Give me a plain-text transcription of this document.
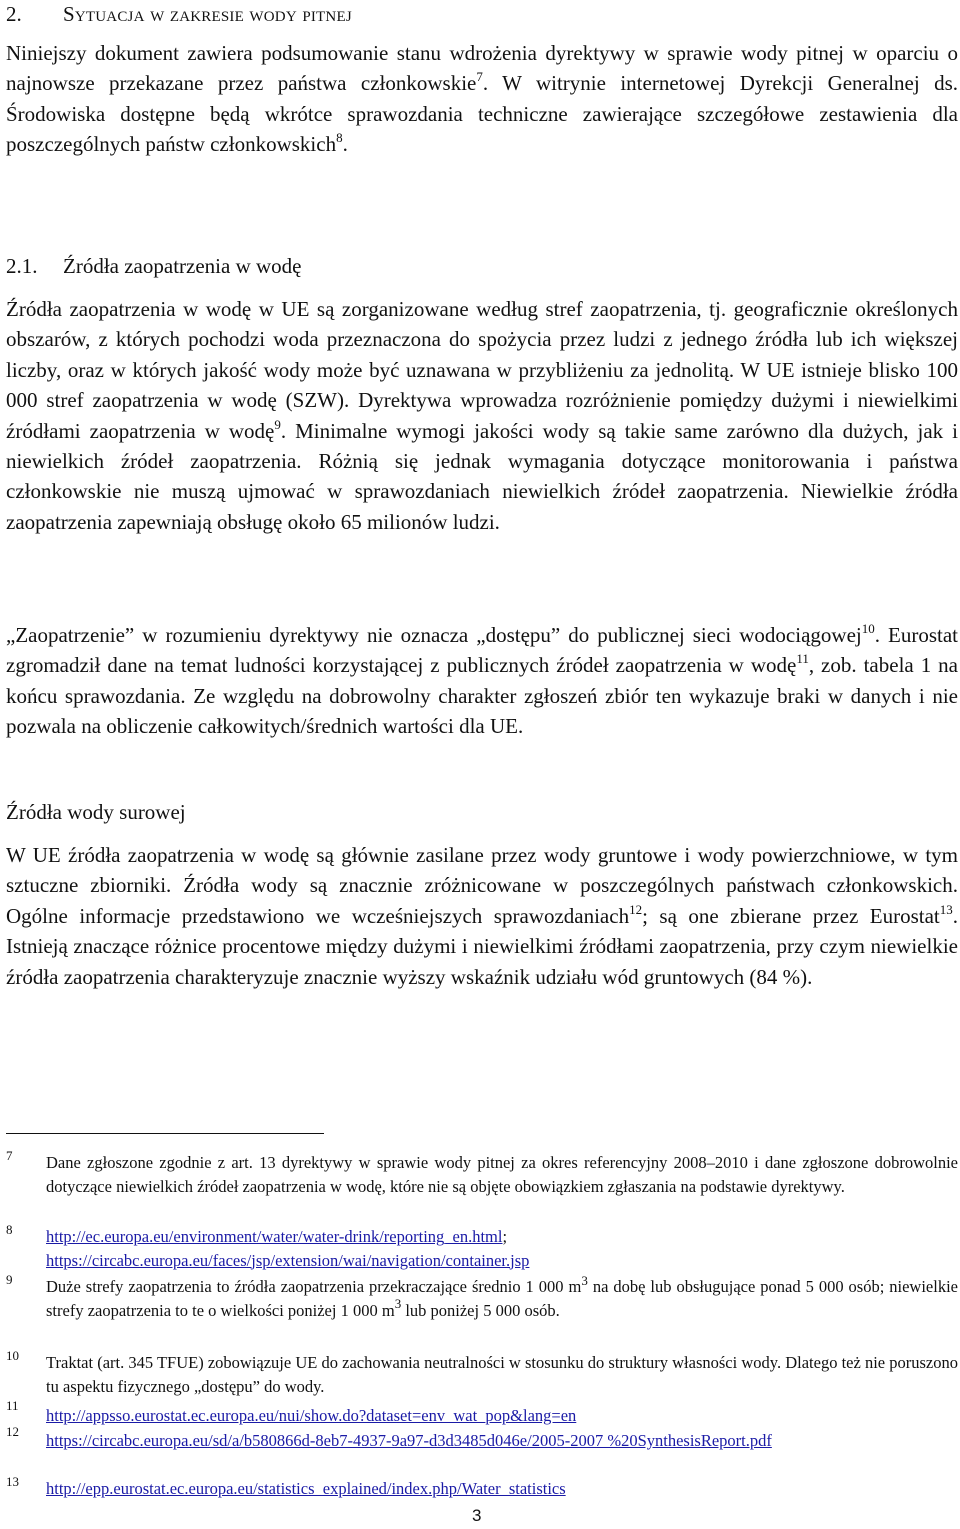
2. Sytuacja w zakresie wody pitnej

Niniejszy dokument zawiera podsumowanie stanu wdrożenia dyrektywy w sprawie wody pitnej w oparciu o najnowsze przekazane przez państwa członkowskie$^7$. W witrynie internetowej Dyrekcji Generalnej ds. Środowiska dostępne będą wkrótce sprawozdania techniczne zawierające szczegółowe zestawienia dla poszczególnych państw członkowskich$^8$.

2.1. Źródła zaopatrzenia w wodę

Źródła zaopatrzenia w wodę w UE są zorganizowane według stref zaopatrzenia, tj. geograficznie określonych obszarów, z których pochodzi woda przeznaczona do spożycia przez ludzi z jednego źródła lub ich większej liczby, oraz w których jakość wody może być uznawana w przybliżeniu za jednolitą. W UE istnieje blisko 100 000 stref zaopatrzenia w wodę (SZW). Dyrektywa wprowadza rozróżnienie pomiędzy dużymi i niewielkimi źródłami zaopatrzenia w wodę$^9$. Minimalne wymogi jakości wody są takie same zarówno dla dużych, jak i niewielkich źródeł zaopatrzenia. Różnią się jednak wymagania dotyczące monitorowania i państwa członkowskie nie muszą ujmować w sprawozdaniach niewielkich źródeł zaopatrzenia. Niewielkie źródła zaopatrzenia zapewniają obsługę około 65 milionów ludzi.

„Zaopatrzenie” w rozumieniu dyrektywy nie oznacza „dostępu” do publicznej sieci wodociągowej$^{10}$. Eurostat zgromadził dane na temat ludności korzystającej z publicznych źródeł zaopatrzenia w wodę$^{11}$, zob. tabela 1 na końcu sprawozdania. Ze względu na dobrowolny charakter zgłoszeń zbiór ten wykazuje braki w danych i nie pozwala na obliczenie całkowitych/średnich wartości dla UE.

Źródła wody surowej

W UE źródła zaopatrzenia w wodę są głównie zasilane przez wody gruntowe i wody powierzchniowe, w tym sztuczne zbiorniki. Źródła wody są znacznie zróżnicowane w poszczególnych państwach członkowskich. Ogólne informacje przedstawiono we wcześniejszych sprawozdaniach$^{12}$; są one zbierane przez Eurostat$^{13}$. Istnieją znaczące różnice procentowe między dużymi i niewielkimi źródłami zaopatrzenia, przy czym niewielkie źródła zaopatrzenia charakteryzuje znacznie wyższy wskaźnik udziału wód gruntowych (84 %).

7 Dane zgłoszone zgodnie z art. 13 dyrektywy w sprawie wody pitnej za okres referencyjny 2008–2010 i dane zgłoszone dobrowolnie dotyczące niewielkich źródeł zaopatrzenia w wodę, które nie są objęte obowiązkiem zgłaszania na podstawie dyrektywy.
8 http://ec.europa.eu/environment/water/water-drink/reporting_en.html;
https://circabc.europa.eu/faces/jsp/extension/wai/navigation/container.jsp
9 Duże strefy zaopatrzenia to źródła zaopatrzenia przekraczające średnio 1 000 $m^3$ na dobę lub obsługujące ponad 5 000 osób; niewielkie strefy zaopatrzenia to te o wielkości poniżej 1 000 $m^3$ lub poniżej 5 000 osób.
10 Traktat (art. 345 TFUE) zobowiązuje UE do zachowania neutralności w stosunku do struktury własności wody. Dlatego też nie poruszono tu aspektu fizycznego „dostępu” do wody.
11
http://appsso.eurostat.ec.europa.eu/nui/show.do?dataset=env_wat_pop&lang=en
12 https://circabc.europa.eu/sd/a/b580866d-8eb7-4937-9a97-d3d3485d046e/2005-2007 %20SynthesisReport.pdf
13 http://epp.eurostat.ec.europa.eu/statistics_explained/index.php/Water_statistics
3
